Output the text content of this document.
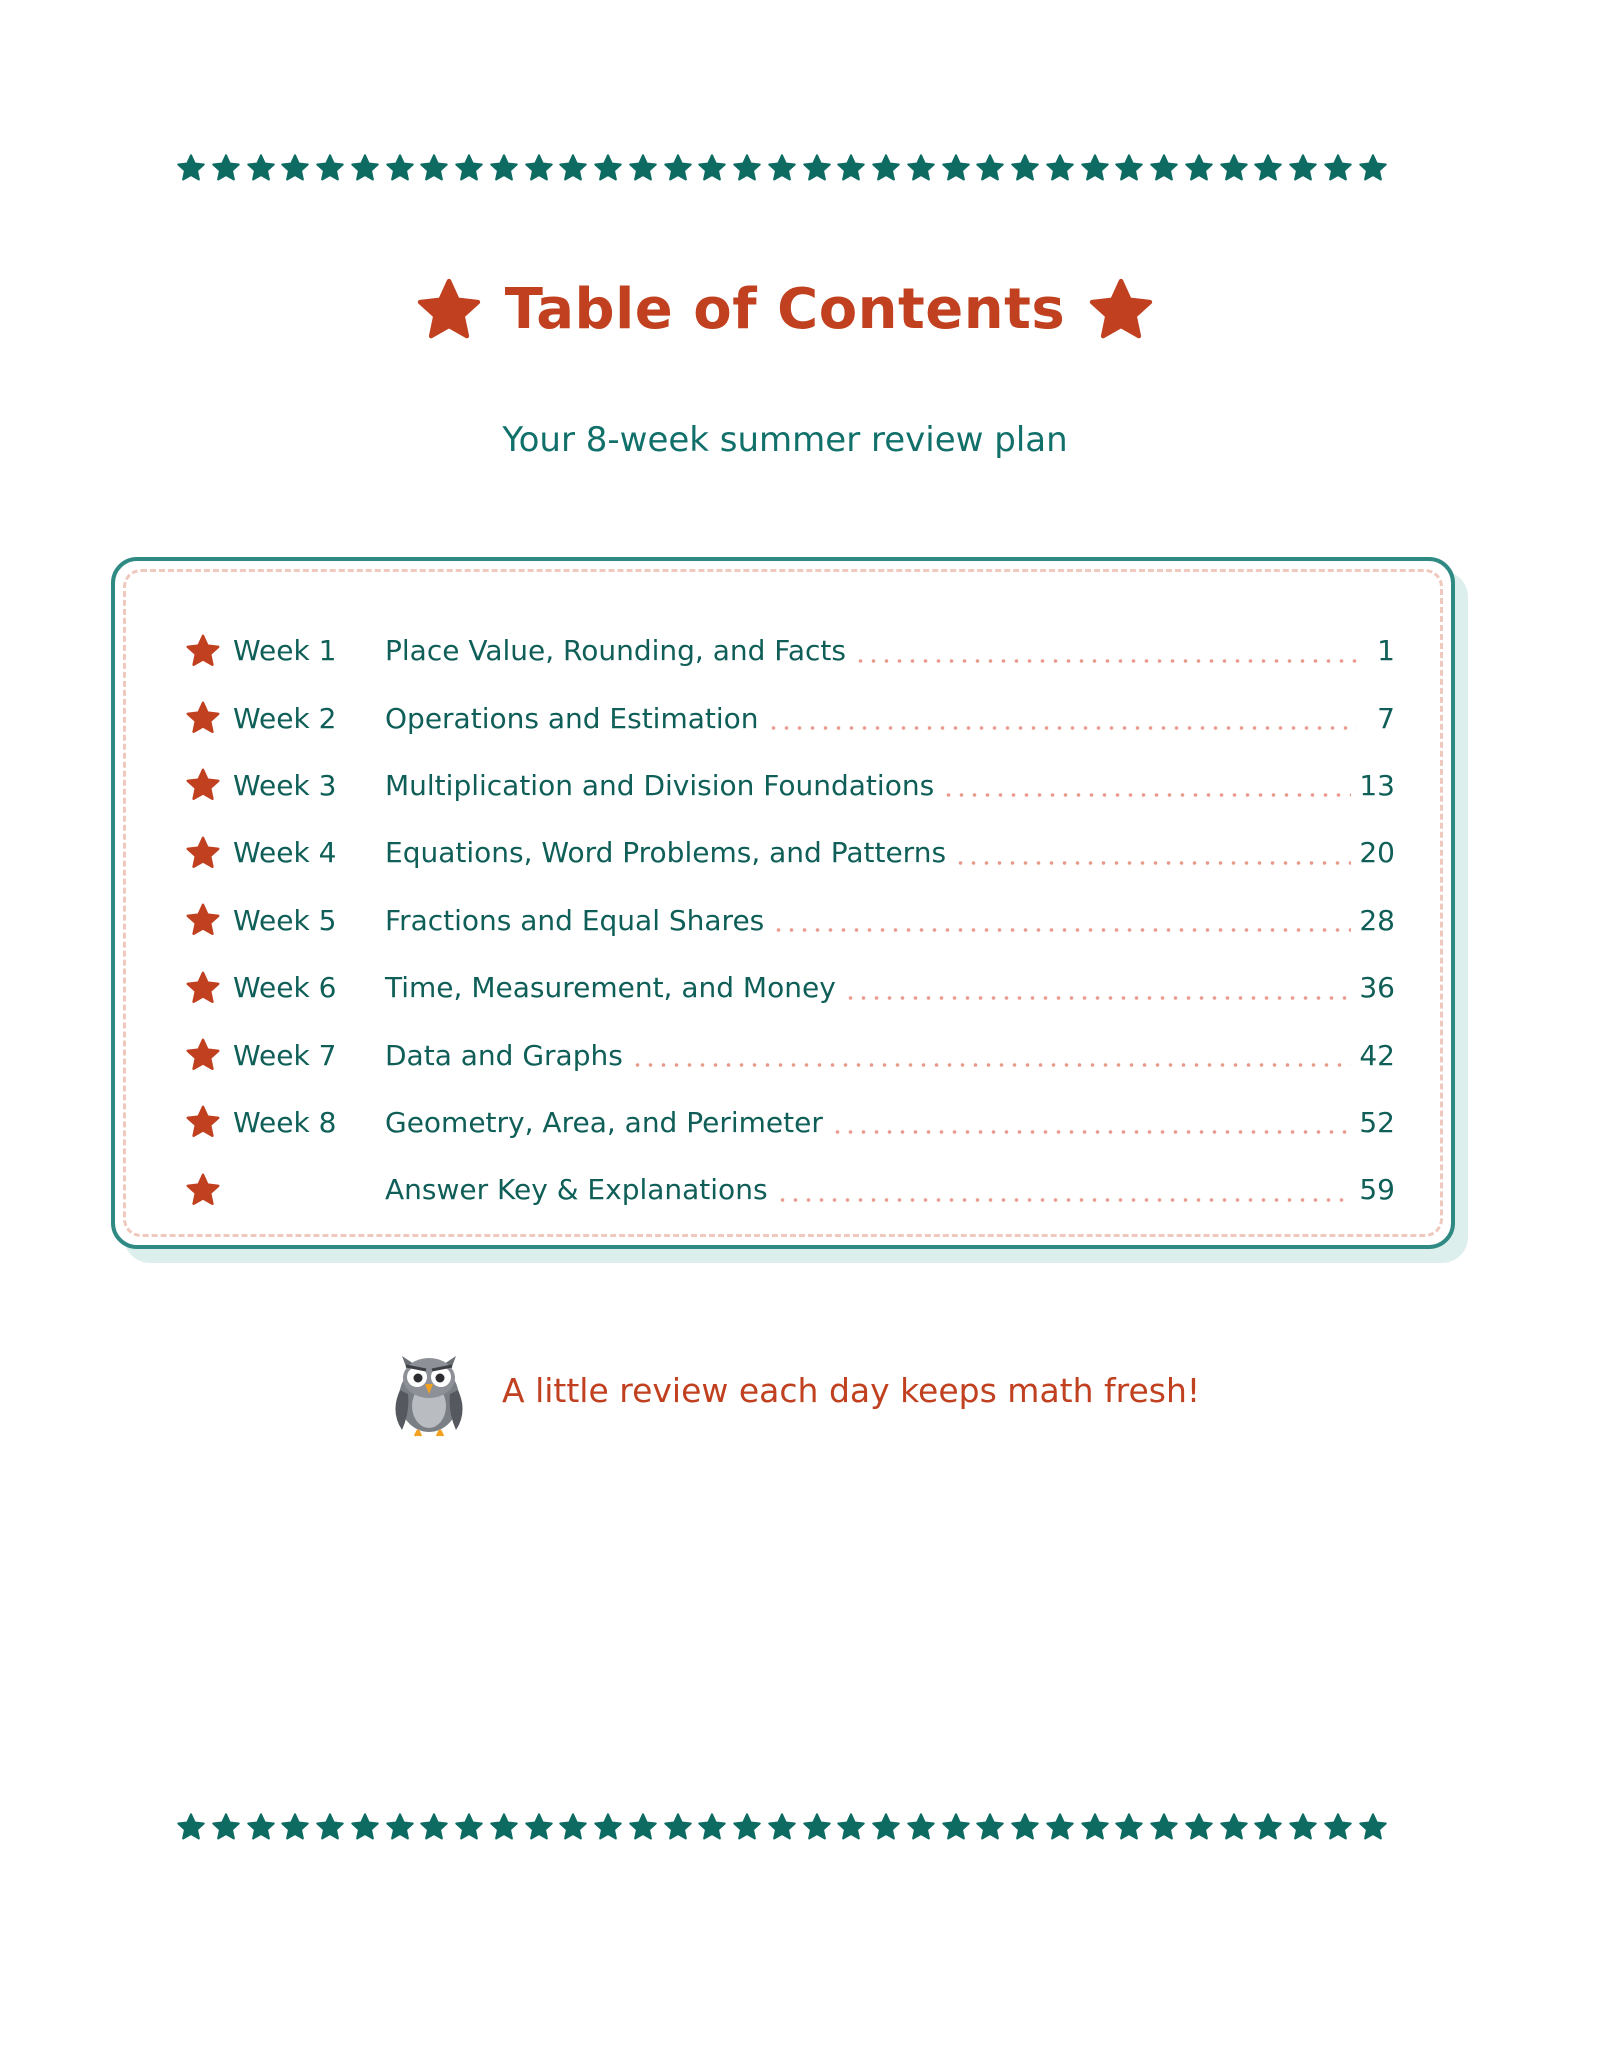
Table of Contents
Your 8-week summer review plan
Week 1	Place Value, Rounding, and Facts	1
Week 2	Operations and Estimation	7
Week 3	Multiplication and Division Foundations	13
Week 4	Equations, Word Problems, and Patterns	20
Week 5	Fractions and Equal Shares	28
Week 6	Time, Measurement, and Money	36
Week 7	Data and Graphs	42
Week 8	Geometry, Area, and Perimeter	52
Answer Key & Explanations	59
A little review each day keeps math fresh!
